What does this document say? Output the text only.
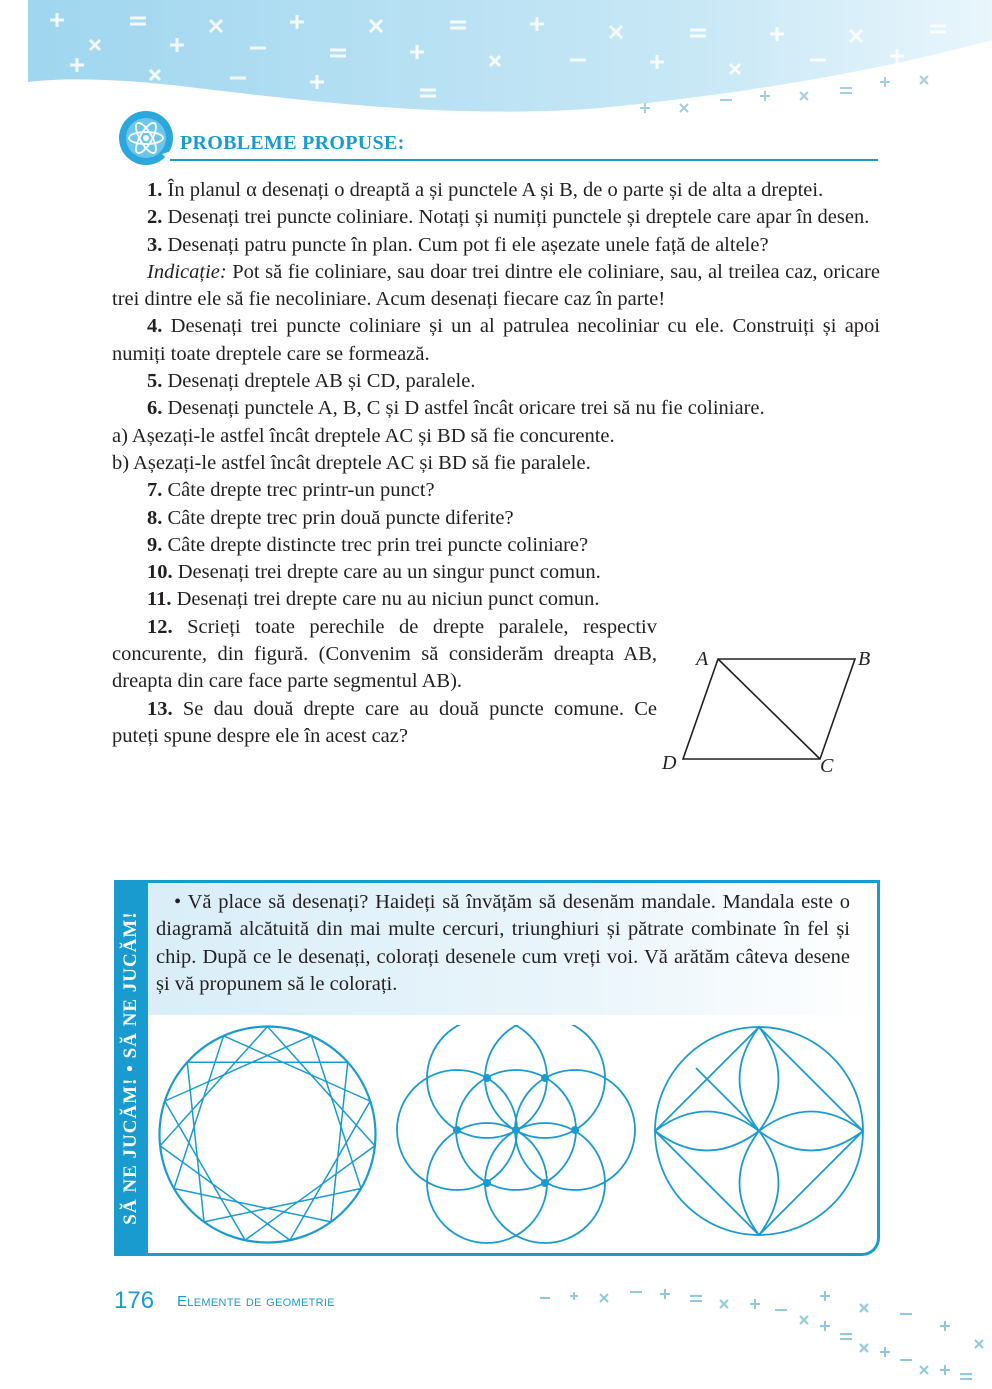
PROBLEME PROPUSE:

1. În planul α desenați o dreaptă a și punctele A și B, de o parte și de alta a dreptei.

2. Desenați trei puncte coliniare. Notați și numiți punctele și dreptele care apar în desen.

3. Desenați patru puncte în plan. Cum pot fi ele așezate unele față de altele?

Indicație: Pot să fie coliniare, sau doar trei dintre ele coliniare, sau, al treilea caz, oricare trei dintre ele să fie necoliniare. Acum desenați fiecare caz în parte!

4. Desenați trei puncte coliniare și un al patrulea necoliniar cu ele. Construiți și apoi numiți toate dreptele care se formează.

5. Desenați dreptele AB și CD, paralele.

6. Desenați punctele A, B, C și D astfel încât oricare trei să nu fie coliniare.

a) Așezați-le astfel încât dreptele AC și BD să fie concurente.

b) Așezați-le astfel încât dreptele AC și BD să fie paralele.

7. Câte drepte trec printr-un punct?

8. Câte drepte trec prin două puncte diferite?

9. Câte drepte distincte trec prin trei puncte coliniare?

10. Desenați trei drepte care au un singur punct comun.

11. Desenați trei drepte care nu au niciun punct comun.

12. Scrieți toate perechile de drepte paralele, respectiv concurente, din figură. (Convenim să considerăm dreapta AB, dreapta din care face parte segmentul AB).

13. Se dau două drepte care au două puncte comune. Ce puteți spune despre ele în acest caz?

A	B
C
D
SĂ NE JUCĂM! • SĂ NE JUCĂM!
• Vă place să desenați? Haideți să învățăm să desenăm mandale. Mandala este o diagramă alcătuită din mai multe cercuri, triunghiuri și pătrate combinate în fel și chip. După ce le desenați, colorați desenele cum vreți voi. Vă arătăm câteva desene și vă propunem să le colorați.
176 Elemente de geometrie
